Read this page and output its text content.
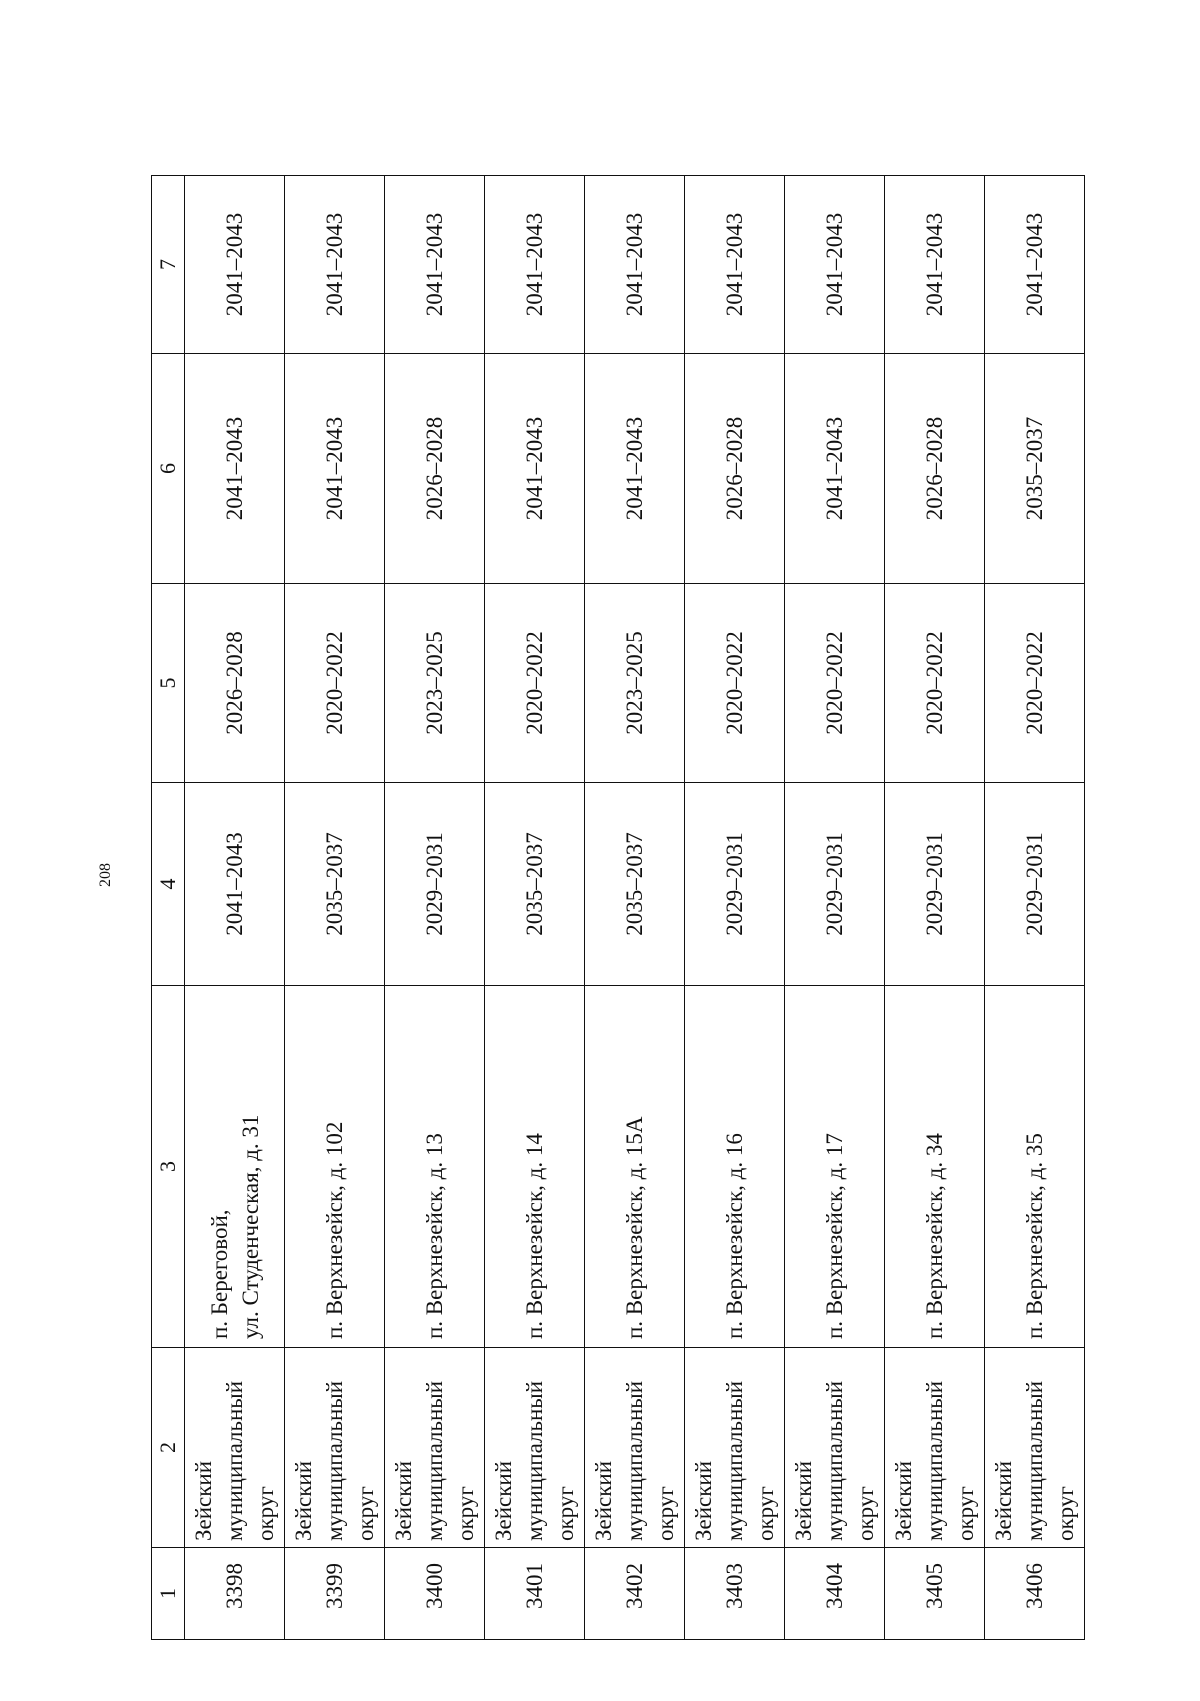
208
1	2	3	4	5	6	7
3398	Зейский муниципальный округ	п. Береговой, ул. Студенческая, д. 31	2041–2043	2026–2028	2041–2043	2041–2043
3399	Зейский муниципальный округ	п. Верхнезейск, д. 102	2035–2037	2020–2022	2041–2043	2041–2043
3400	Зейский муниципальный округ	п. Верхнезейск, д. 13	2029–2031	2023–2025	2026–2028	2041–2043
3401	Зейский муниципальный округ	п. Верхнезейск, д. 14	2035–2037	2020–2022	2041–2043	2041–2043
3402	Зейский муниципальный округ	п. Верхнезейск, д. 15А	2035–2037	2023–2025	2041–2043	2041–2043
3403	Зейский муниципальный округ	п. Верхнезейск, д. 16	2029–2031	2020–2022	2026–2028	2041–2043
3404	Зейский муниципальный округ	п. Верхнезейск, д. 17	2029–2031	2020–2022	2041–2043	2041–2043
3405	Зейский муниципальный округ	п. Верхнезейск, д. 34	2029–2031	2020–2022	2026–2028	2041–2043
3406	Зейский муниципальный округ	п. Верхнезейск, д. 35	2029–2031	2020–2022	2035–2037	2041–2043
